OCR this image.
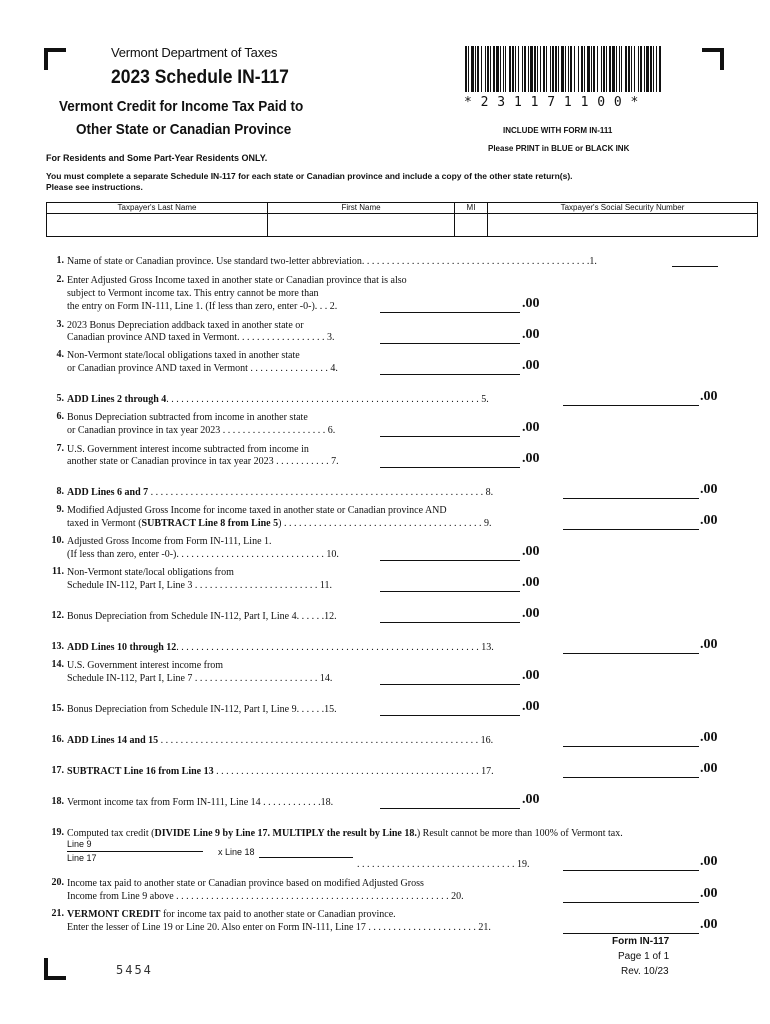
Vermont Department of Taxes
2023 Schedule IN-117
Vermont Credit for Income Tax Paid to
Other State or Canadian Province
* 2 3 1 1 7 1 1 0 0 *
INCLUDE WITH FORM IN-111
Please PRINT in BLUE or BLACK INK
For Residents and Some Part-Year Residents ONLY.
You must complete a separate Schedule IN-117 for each state or Canadian province and include a copy of the other state return(s).
Please see instructions.
Taxpayer's Last Name	First Name	MI	Taxpayer's Social Security Number

1. Name of state or Canadian province. Use standard two-letter abbreviation. . . . . . . . . . . . . . . . . . . . . . . . . . . . . . . . . . . . . . . . . . . . . .1.
2. Enter Adjusted Gross Income taxed in another state or Canadian province that is also
subject to Vermont income tax. This entry cannot be more than
the entry on Form IN-111, Line 1. (If less than zero, enter -0-). . . 2.	.00
3. 2023 Bonus Depreciation addback taxed in another state or
Canadian province AND taxed in Vermont. . . . . . . . . . . . . . . . . . 3.	.00
4. Non-Vermont state/local obligations taxed in another state
or Canadian province AND taxed in Vermont . . . . . . . . . . . . . . . . 4.	.00
5. ADD Lines 2 through 4. . . . . . . . . . . . . . . . . . . . . . . . . . . . . . . . . . . . . . . . . . . . . . . . . . . . . . . . . . . . . . . 5.	.00
6. Bonus Depreciation subtracted from income in another state
or Canadian province in tax year 2023 . . . . . . . . . . . . . . . . . . . . . 6.	.00
7. U.S. Government interest income subtracted from income in
another state or Canadian province in tax year 2023 . . . . . . . . . . . 7.	.00
8. ADD Lines 6 and 7 . . . . . . . . . . . . . . . . . . . . . . . . . . . . . . . . . . . . . . . . . . . . . . . . . . . . . . . . . . . . . . . . . . . 8.	.00
9. Modified Adjusted Gross Income for income taxed in another state or Canadian province AND
taxed in Vermont (SUBTRACT Line 8 from Line 5) . . . . . . . . . . . . . . . . . . . . . . . . . . . . . . . . . . . . . . . . 9.	.00
10. Adjusted Gross Income from Form IN-111, Line 1.
(If less than zero, enter -0-). . . . . . . . . . . . . . . . . . . . . . . . . . . . . . 10.	.00
11. Non-Vermont state/local obligations from
Schedule IN-112, Part I, Line 3 . . . . . . . . . . . . . . . . . . . . . . . . . 11.	.00
12. Bonus Depreciation from Schedule IN-112, Part I, Line 4. . . . . .12.	.00
13. ADD Lines 10 through 12. . . . . . . . . . . . . . . . . . . . . . . . . . . . . . . . . . . . . . . . . . . . . . . . . . . . . . . . . . . . . 13.	.00
14. U.S. Government interest income from
Schedule IN-112, Part I, Line 7 . . . . . . . . . . . . . . . . . . . . . . . . . 14.	.00
15. Bonus Depreciation from Schedule IN-112, Part I, Line 9. . . . . .15.	.00
16. ADD Lines 14 and 15 . . . . . . . . . . . . . . . . . . . . . . . . . . . . . . . . . . . . . . . . . . . . . . . . . . . . . . . . . . . . . . . . 16.	.00
17. SUBTRACT Line 16 from Line 13 . . . . . . . . . . . . . . . . . . . . . . . . . . . . . . . . . . . . . . . . . . . . . . . . . . . . . 17.	.00
18. Vermont income tax from Form IN-111, Line 14 . . . . . . . . . . . .18.	.00
19. Computed tax credit (DIVIDE Line 9 by Line 17. MULTIPLY the result by Line 18.) Result cannot be more than 100% of Vermont tax.
Line 9
Line 17
x Line 18
. . . . . . . . . . . . . . . . . . . . . . . . . . . . . . . . 19.	.00
20. Income tax paid to another state or Canadian province based on modified Adjusted Gross
Income from Line 9 above . . . . . . . . . . . . . . . . . . . . . . . . . . . . . . . . . . . . . . . . . . . . . . . . . . . . . . . 20.	.00
21. VERMONT CREDIT for income tax paid to another state or Canadian province.
Enter the lesser of Line 19 or Line 20. Also enter on Form IN-111, Line 17 . . . . . . . . . . . . . . . . . . . . . . 21.	.00
Form IN-117
Page 1 of 1
Rev. 10/23
5454
